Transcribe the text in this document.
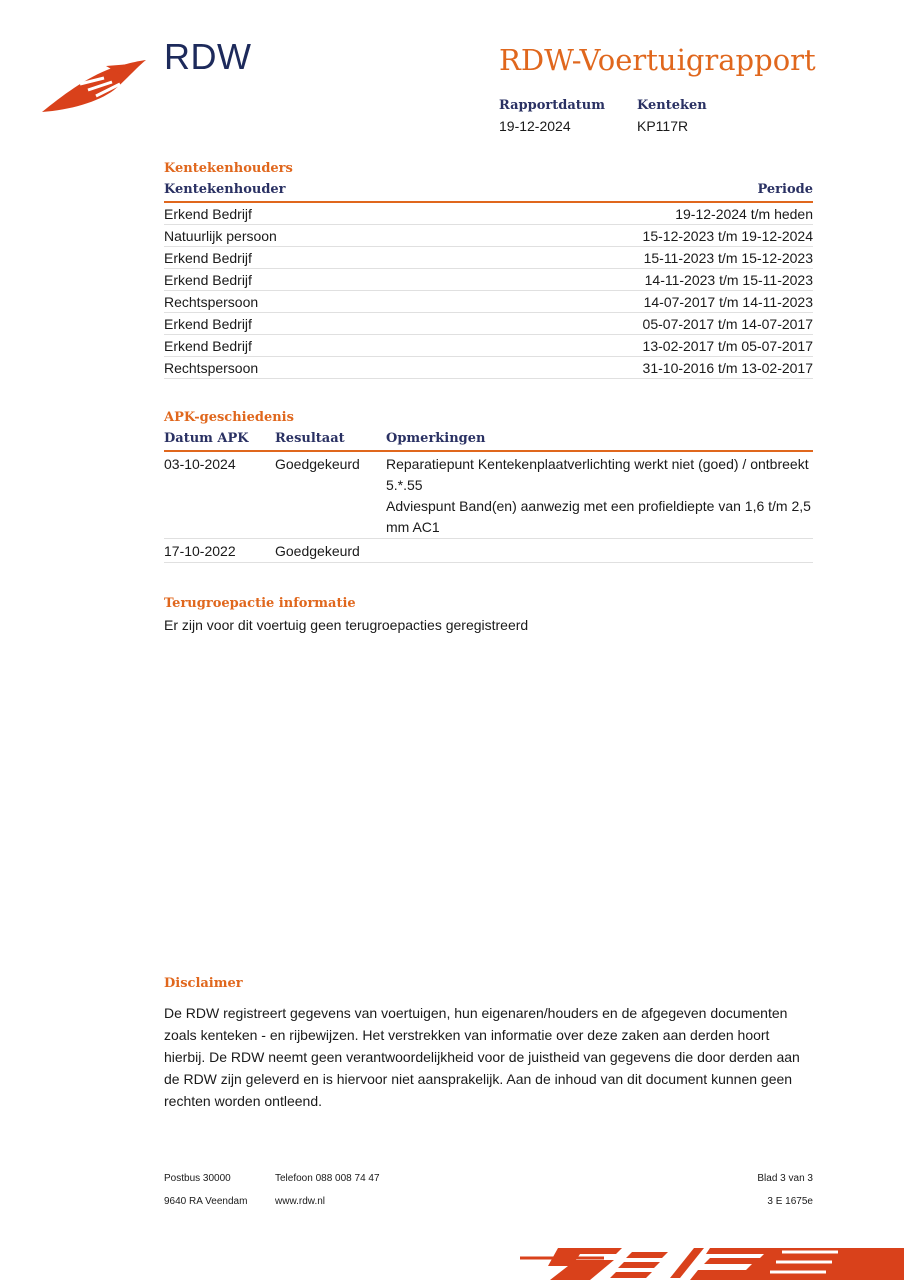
RDW	RDW-Voertuigrapport
Rapportdatum
19-12-2024
Kenteken
KP117R
Kentekenhouders
Kentekenhouder	Periode
Erkend Bedrijf	19-12-2024 t/m heden
Natuurlijk persoon	15-12-2023 t/m 19-12-2024
Erkend Bedrijf	15-11-2023 t/m 15-12-2023
Erkend Bedrijf	14-11-2023 t/m 15-11-2023
Rechtspersoon	14-07-2017 t/m 14-11-2023
Erkend Bedrijf	05-07-2017 t/m 14-07-2017
Erkend Bedrijf	13-02-2017 t/m 05-07-2017
Rechtspersoon	31-10-2016 t/m 13-02-2017
APK-geschiedenis
Datum APK	Resultaat	Opmerkingen
03-10-2024	Goedgekeurd	Reparatiepunt Kentekenplaatverlichting werkt niet (goed) / ontbreekt 5.*.55
Adviespunt Band(en) aanwezig met een profieldiepte van 1,6 t/m 2,5 mm AC1
17-10-2022	Goedgekeurd
Terugroepactie informatie
Er zijn voor dit voertuig geen terugroepacties geregistreerd
Disclaimer
De RDW registreert gegevens van voertuigen, hun eigenaren/houders en de afgegeven documenten zoals kenteken - en rijbewijzen. Het verstrekken van informatie over deze zaken aan derden hoort hierbij. De RDW neemt geen verantwoordelijkheid voor de juistheid van gegevens die door derden aan de RDW zijn geleverd en is hiervoor niet aansprakelijk. Aan de inhoud van dit document kunnen geen rechten worden ontleend.
Postbus 30000
9640 RA Veendam
Telefoon 088 008 74 47
www.rdw.nl
Blad 3 van 3
3 E 1675e
